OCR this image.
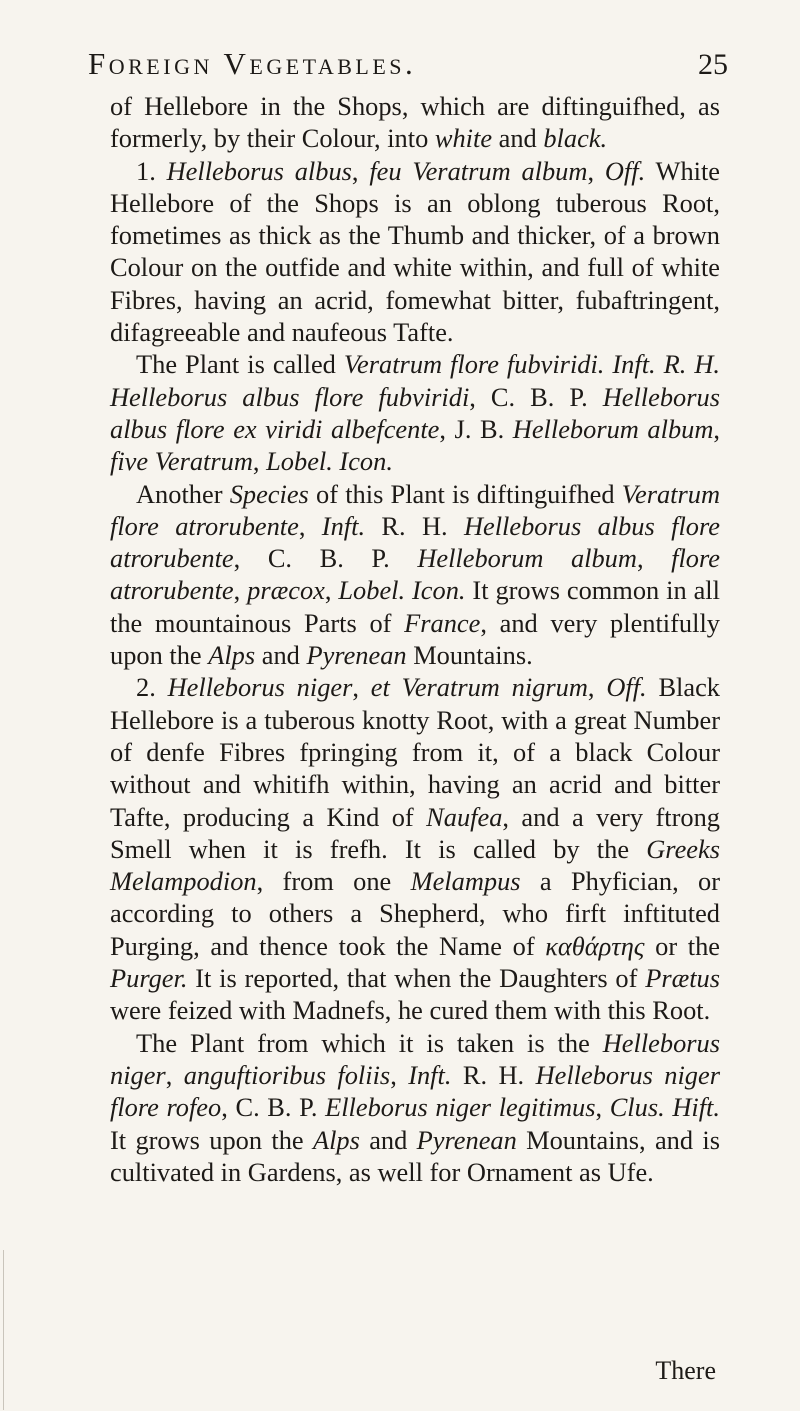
Foreign Vegetables.	25

of Hellebore in the Shops, which are diftinguifhed, as formerly, by their Colour, into white and black.

1. Helleborus albus, feu Veratrum album, Off. White Hellebore of the Shops is an oblong tuberous Root, fometimes as thick as the Thumb and thicker, of a brown Colour on the outfide and white within, and full of white Fibres, having an acrid, fomewhat bitter, fubaftringent, difagreeable and naufeous Tafte.

The Plant is called Veratrum flore fubviridi. Inft. R. H. Helleborus albus flore fubviridi, C. B. P. Helleborus albus flore ex viridi albefcente, J. B. Helleborum album, five Veratrum, Lobel. Icon.

Another Species of this Plant is diftinguifhed Veratrum flore atrorubente, Inft. R. H. Helleborus albus flore atrorubente, C. B. P. Helleborum album, flore atrorubente, præcox, Lobel. Icon. It grows common in all the mountainous Parts of France, and very plentifully upon the Alps and Pyrenean Mountains.

2. Helleborus niger, et Veratrum nigrum, Off. Black Hellebore is a tuberous knotty Root, with a great Number of denfe Fibres fpringing from it, of a black Colour without and whitifh within, having an acrid and bitter Tafte, producing a Kind of Naufea, and a very ftrong Smell when it is frefh. It is called by the Greeks Melampodion, from one Melampus a Phyfician, or according to others a Shepherd, who firft inftituted Purging, and thence took the Name of καθάρτης or the Purger. It is reported, that when the Daughters of Prætus were feized with Madnefs, he cured them with this Root.

The Plant from which it is taken is the Helleborus niger, anguftioribus foliis, Inft. R. H. Helleborus niger flore rofeo, C. B. P. Elleborus niger legitimus, Clus. Hift. It grows upon the Alps and Pyrenean Mountains, and is cultivated in Gardens, as well for Ornament as Ufe.

There
